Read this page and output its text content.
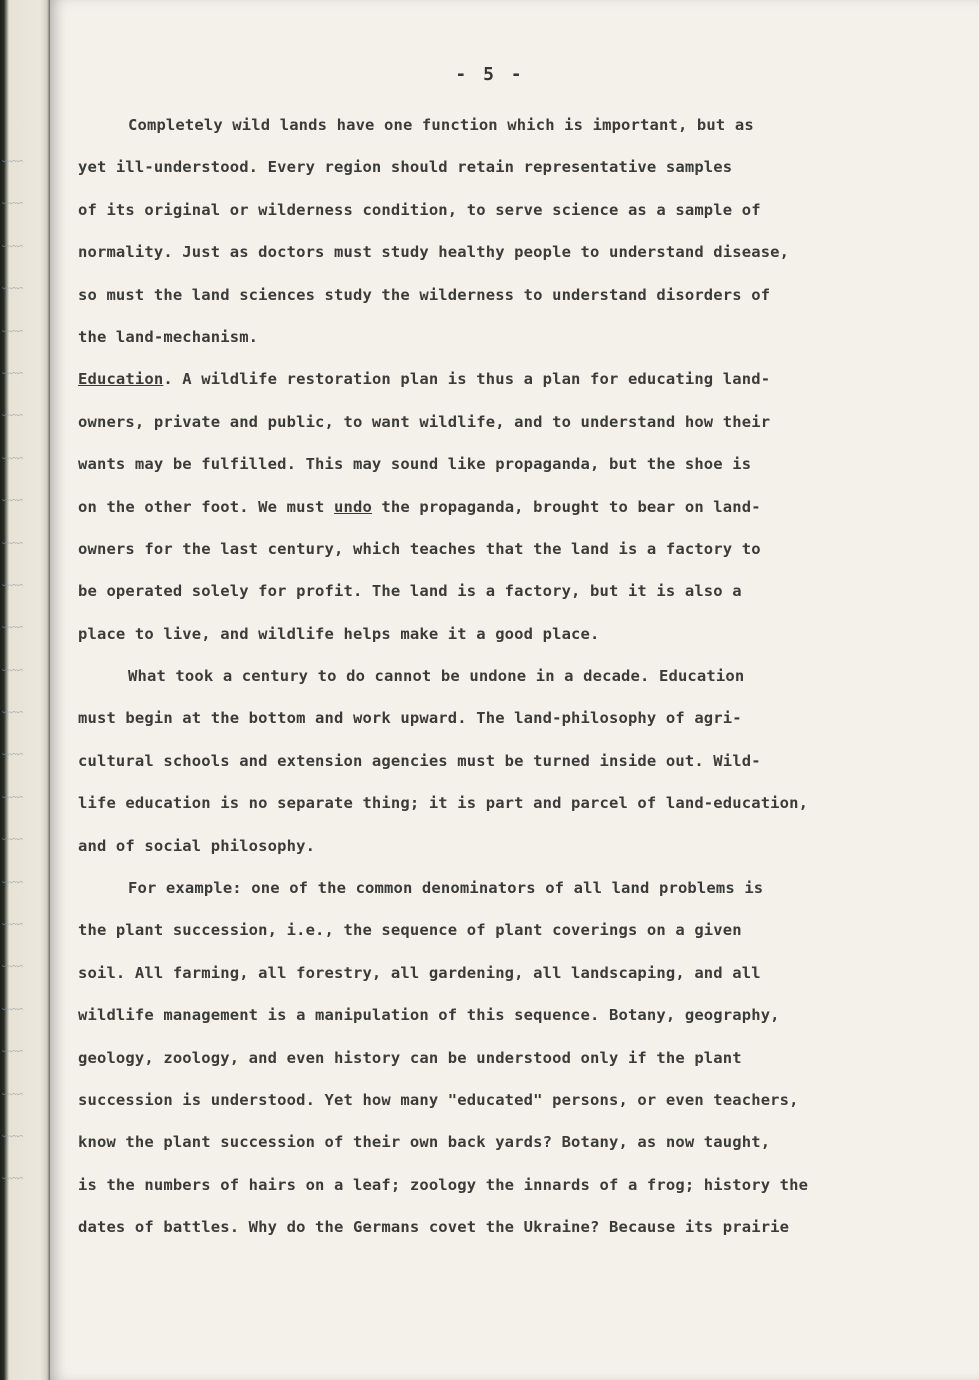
~~~
~~~
~~~
~~~
~~~
~~~
~~~
~~~
~~~
~~~
~~~
~~~
~~~
~~~
~~~
~~~
~~~
~~~
~~~
~~~
~~~
~~~
~~~
~~~
~~~
- 5 -
Completely wild lands have one function which is important, but as
yet ill-understood. Every region should retain representative samples
of its original or wilderness condition, to serve science as a sample of
normality. Just as doctors must study healthy people to understand disease,
so must the land sciences study the wilderness to understand disorders of
the land-mechanism.
Education. A wildlife restoration plan is thus a plan for educating land-
owners, private and public, to want wildlife, and to understand how their
wants may be fulfilled. This may sound like propaganda, but the shoe is
on the other foot. We must undo the propaganda, brought to bear on land-
owners for the last century, which teaches that the land is a factory to
be operated solely for profit. The land is a factory, but it is also a
place to live, and wildlife helps make it a good place.
What took a century to do cannot be undone in a decade. Education
must begin at the bottom and work upward. The land-philosophy of agri-
cultural schools and extension agencies must be turned inside out. Wild-
life education is no separate thing; it is part and parcel of land-education,
and of social philosophy.
For example: one of the common denominators of all land problems is
the plant succession, i.e., the sequence of plant coverings on a given
soil. All farming, all forestry, all gardening, all landscaping, and all
wildlife management is a manipulation of this sequence. Botany, geography,
geology, zoology, and even history can be understood only if the plant
succession is understood. Yet how many "educated" persons, or even teachers,
know the plant succession of their own back yards? Botany, as now taught,
is the numbers of hairs on a leaf; zoology the innards of a frog; history the
dates of battles. Why do the Germans covet the Ukraine? Because its prairie
